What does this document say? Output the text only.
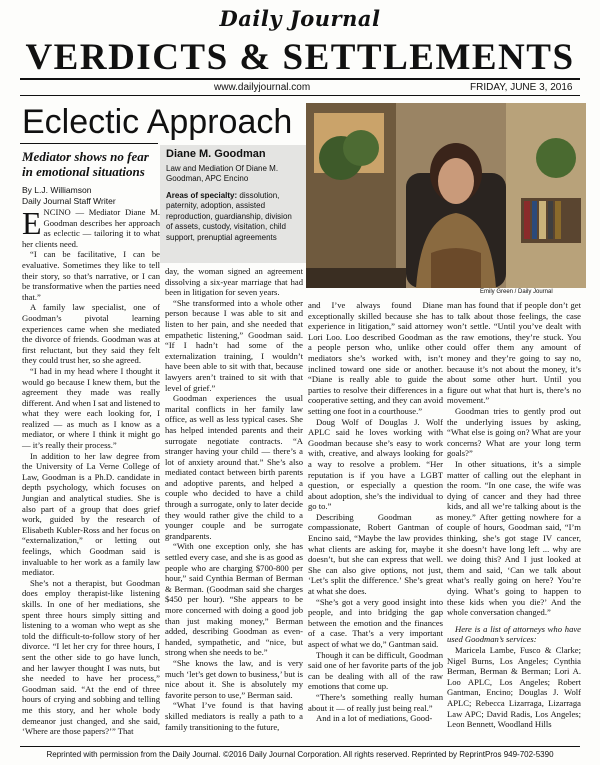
Daily Journal
VERDICTS & SETTLEMENTS
www.dailyjournal.com	FRIDAY, JUNE 3, 2016
Eclectic Approach
Mediator shows no fear in emotional situations
By L.J. Williamson
Daily Journal Staff Writer
Diane M. Goodman
Law and Mediation Of Diane M. Goodman, APC Encino
Areas of specialty: dissolution, paternity, adoption, assisted reproduction, guardianship, division of assets, custody, visitation, child support, prenuptial agreements
Emily Green / Daily Journal

ENCINO — Mediator Diane M. Goodman describes her approach as eclectic — tailoring it to what her clients need.

“I can be facilitative, I can be evaluative. Sometimes they like to tell their story, so that’s narrative, or I can be transformative when the parties need that.”

A family law specialist, one of Goodman’s pivotal learning experiences came when she mediated the divorce of friends. Goodman was at first reluctant, but they said they felt they could trust her, so she agreed.

“I had in my head where I thought it would go because I knew them, but the agreement they made was really different. And when I sat and listened to what they were each looking for, I realized — as much as I know as a mediator, or where I think it might go — it’s really their process.”

In addition to her law degree from the University of La Verne College of Law, Goodman is a Ph.D. candidate in depth psychology, which focuses on Jungian and analytical studies. She is also part of a group that does grief work, guided by the research of Elisabeth Kubler-Ross and her focus on “externalization,” or letting out feelings, which Goodman said is invaluable to her work as a family law mediator.

She’s not a therapist, but Goodman does employ therapist-like listening skills. In one of her mediations, she spent three hours simply sitting and listening to a woman who wept as she told the difficult-to-follow story of her divorce. “I let her cry for three hours, I sent the other side to go have lunch, and her lawyer thought I was nuts, but she needed to have her process,” Goodman said. “At the end of three hours of crying and sobbing and telling me this story, and her whole body demeanor just changed, and she said, ‘Where are those papers?’” That

day, the woman signed an agreement dissolving a six-year marriage that had been in litigation for seven years.

“She transformed into a whole other person because I was able to sit and listen to her pain, and she needed that empathetic listening,” Goodman said. “If I hadn’t had some of the externalization training, I wouldn’t have been able to sit with that, because lawyers aren’t trained to sit with that level of grief.”

Goodman experiences the usual marital conflicts in her family law office, as well as less typical cases. She has helped intended parents and their surrogate negotiate contracts. “A stranger having your child — there’s a lot of anxiety around that.” She’s also mediated contact between birth parents and adoptive parents, and helped a couple who decided to have a child through a surrogate, only to later decide they would rather give the child to a younger couple and be surrogate grandparents.

“With one exception only, she has settled every case, and she is as good as people who are charging $700-800 per hour,” said Cynthia Berman of Berman & Berman. (Goodman said she charges $450 per hour). “She appears to be more concerned with doing a good job than just making money,” Berman added, describing Goodman as even-handed, sympathetic, and “nice, but strong when she needs to be.”

“She knows the law, and is very much ‘let’s get down to business,’ but is nice about it. She is absolutely my favorite person to use,” Berman said.

“What I’ve found is that having skilled mediators is really a path to a family transitioning to the future,

and I’ve always found Diane exceptionally skilled because she has experience in litigation,” said attorney Lori Loo. Loo described Goodman as a people person who, unlike other mediators she’s worked with, isn’t inclined toward one side or another. “Diane is really able to guide the parties to resolve their differences in a cooperative setting, and they can avoid setting one foot in a courthouse.”

Doug Wolf of Douglas J. Wolf APLC said he loves working with Goodman because she’s easy to work with, creative, and always looking for a way to resolve a problem. “Her reputation is if you have a LGBT question, or especially a question about adoption, she’s the individual to go to.”

Describing Goodman as compassionate, Robert Gantman of Encino said, “Maybe the law provides what clients are asking for, maybe it doesn’t, but she can express that well. She can also give options, not just, ‘Let’s split the difference.’ She’s great at what she does.

“She’s got a very good insight into people, and into bridging the gap between the emotion and the finances of a case. That’s a very important aspect of what we do,” Gantman said.

Though it can be difficult, Goodman said one of her favorite parts of the job can be dealing with all of the raw emotions that come up.

“There’s something really human about it — of really just being real.”

And in a lot of mediations, Good-

man has found that if people don’t get to talk about those feelings, the case won’t settle. “Until you’ve dealt with the raw emotions, they’re stuck. You could offer them any amount of money and they’re going to say no, because it’s not about the money, it’s about some other hurt. Until you figure out what that hurt is, there’s no movement.”

Goodman tries to gently prod out the underlying issues by asking, “What else is going on? What are your concerns? What are your long term goals?”

In other situations, it’s a simple matter of calling out the elephant in the room. “In one case, the wife was dying of cancer and they had three kids, and all we’re talking about is the money.” After getting nowhere for a couple of hours, Goodman said, “I’m thinking, she’s got stage IV cancer, she doesn’t have long left ... why are we doing this? And I just looked at them and said, ‘Can we talk about what’s really going on here? You’re dying. What’s going to happen to these kids when you die?’ And the whole conversation changed.”

Here is a list of attorneys who have used Goodman’s services:

Maricela Lambe, Fusco & Clarke; Nigel Burns, Los Angeles; Cynthia Berman, Berman & Berman; Lori A. Loo APLC, Los Angeles; Robert Gantman, Encino; Douglas J. Wolf APLC; Rebecca Lizarraga, Lizarraga Law APC; David Radis, Los Angeles; Leon Bennett, Woodland Hills

Reprinted with permission from the Daily Journal. ©2016 Daily Journal Corporation. All rights reserved. Reprinted by ReprintPros 949-702-5390
